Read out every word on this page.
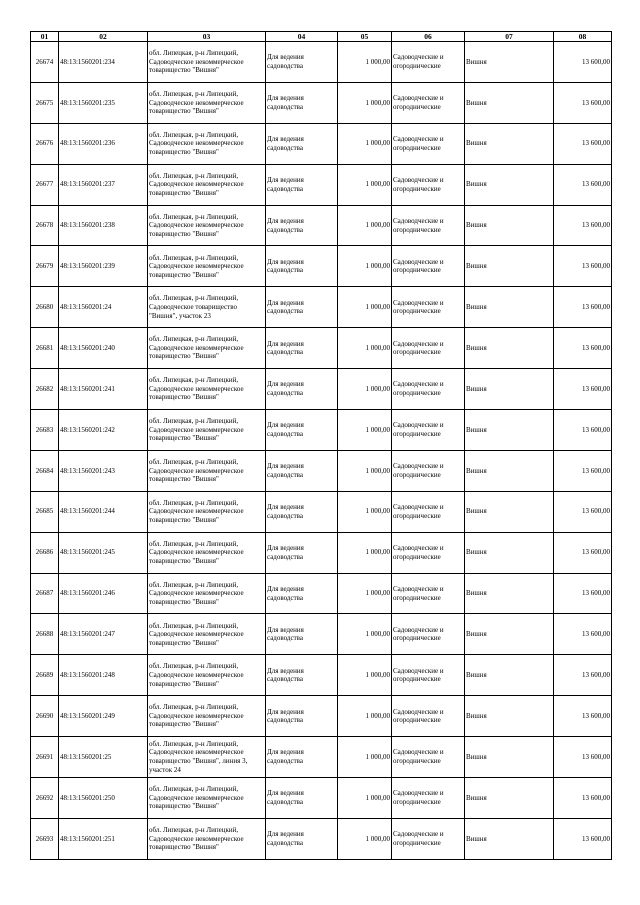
01	02	03	04	05	06	07	08
26674	48:13:1560201:234	обл. Липецкая, р-н Липецкий, Садоводческое некоммерческое товарищество "Вишня"	Для ведения садоводства	1 000,00	Садоводческие и огороднические	Вишня	13 600,00
26675	48:13:1560201:235	обл. Липецкая, р-н Липецкий, Садоводческое некоммерческое товарищество "Вишня"	Для ведения садоводства	1 000,00	Садоводческие и огороднические	Вишня	13 600,00
26676	48:13:1560201:236	обл. Липецкая, р-н Липецкий, Садоводческое некоммерческое товарищество "Вишня"	Для ведения садоводства	1 000,00	Садоводческие и огороднические	Вишня	13 600,00
26677	48:13:1560201:237	обл. Липецкая, р-н Липецкий, Садоводческое некоммерческое товарищество "Вишня"	Для ведения садоводства	1 000,00	Садоводческие и огороднические	Вишня	13 600,00
26678	48:13:1560201:238	обл. Липецкая, р-н Липецкий, Садоводческое некоммерческое товарищество "Вишня"	Для ведения садоводства	1 000,00	Садоводческие и огороднические	Вишня	13 600,00
26679	48:13:1560201:239	обл. Липецкая, р-н Липецкий, Садоводческое некоммерческое товарищество "Вишня"	Для ведения садоводства	1 000,00	Садоводческие и огороднические	Вишня	13 600,00
26680	48:13:1560201:24	обл. Липецкая, р-н Липецкий, Садоводческое товарищество "Вишня", участок 23	Для ведения садоводства	1 000,00	Садоводческие и огороднические	Вишня	13 600,00
26681	48:13:1560201:240	обл. Липецкая, р-н Липецкий, Садоводческое некоммерческое товарищество "Вишня"	Для ведения садоводства	1 000,00	Садоводческие и огороднические	Вишня	13 600,00
26682	48:13:1560201:241	обл. Липецкая, р-н Липецкий, Садоводческое некоммерческое товарищество "Вишня"	Для ведения садоводства	1 000,00	Садоводческие и огороднические	Вишня	13 600,00
26683	48:13:1560201:242	обл. Липецкая, р-н Липецкий, Садоводческое некоммерческое товарищество "Вишня"	Для ведения садоводства	1 000,00	Садоводческие и огороднические	Вишня	13 600,00
26684	48:13:1560201:243	обл. Липецкая, р-н Липецкий, Садоводческое некоммерческое товарищество "Вишня"	Для ведения садоводства	1 000,00	Садоводческие и огороднические	Вишня	13 600,00
26685	48:13:1560201:244	обл. Липецкая, р-н Липецкий, Садоводческое некоммерческое товарищество "Вишня"	Для ведения садоводства	1 000,00	Садоводческие и огороднические	Вишня	13 600,00
26686	48:13:1560201:245	обл. Липецкая, р-н Липецкий, Садоводческое некоммерческое товарищество "Вишня"	Для ведения садоводства	1 000,00	Садоводческие и огороднические	Вишня	13 600,00
26687	48:13:1560201:246	обл. Липецкая, р-н Липецкий, Садоводческое некоммерческое товарищество "Вишня"	Для ведения садоводства	1 000,00	Садоводческие и огороднические	Вишня	13 600,00
26688	48:13:1560201:247	обл. Липецкая, р-н Липецкий, Садоводческое некоммерческое товарищество "Вишня"	Для ведения садоводства	1 000,00	Садоводческие и огороднические	Вишня	13 600,00
26689	48:13:1560201:248	обл. Липецкая, р-н Липецкий, Садоводческое некоммерческое товарищество "Вишня"	Для ведения садоводства	1 000,00	Садоводческие и огороднические	Вишня	13 600,00
26690	48:13:1560201:249	обл. Липецкая, р-н Липецкий, Садоводческое некоммерческое товарищество "Вишня"	Для ведения садоводства	1 000,00	Садоводческие и огороднические	Вишня	13 600,00
26691	48:13:1560201:25	обл. Липецкая, р-н Липецкий, Садоводческое некоммерческое товарищество "Вишня", линия 3, участок 24	Для ведения садоводства	1 000,00	Садоводческие и огороднические	Вишня	13 600,00
26692	48:13:1560201:250	обл. Липецкая, р-н Липецкий, Садоводческое некоммерческое товарищество "Вишня"	Для ведения садоводства	1 000,00	Садоводческие и огороднические	Вишня	13 600,00
26693	48:13:1560201:251	обл. Липецкая, р-н Липецкий, Садоводческое некоммерческое товарищество "Вишня"	Для ведения садоводства	1 000,00	Садоводческие и огороднические	Вишня	13 600,00
